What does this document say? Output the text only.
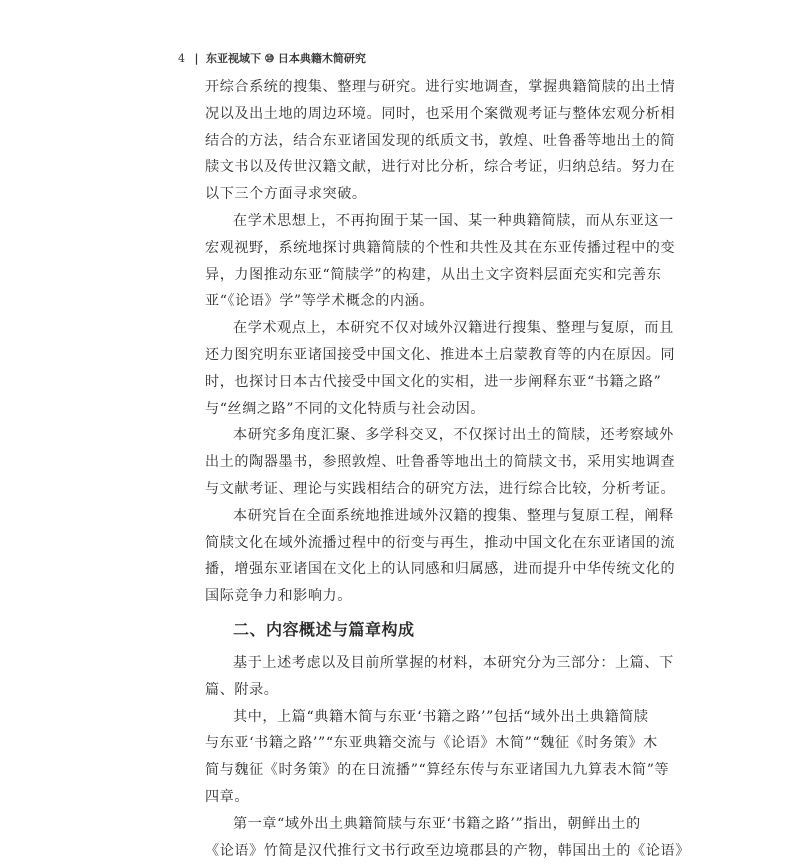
4 | 东亚视域下 ⑩ 日本典籍木简研究
开综合系统的搜集、整理与研究。进行实地调查，掌握典籍简牍的出土情
况以及出土地的周边环境。同时，也采用个案微观考证与整体宏观分析相
结合的方法，结合东亚诸国发现的纸质文书，敦煌、吐鲁番等地出土的简
牍文书以及传世汉籍文献，进行对比分析，综合考证，归纳总结。努力在
以下三个方面寻求突破。
在学术思想上，不再拘囿于某一国、某一种典籍简牍，而从东亚这一
宏观视野，系统地探讨典籍简牍的个性和共性及其在东亚传播过程中的变
异，力图推动东亚“简牍学”的构建，从出土文字资料层面充实和完善东
亚“《论语》学”等学术概念的内涵。
在学术观点上，本研究不仅对域外汉籍进行搜集、整理与复原，而且
还力图究明东亚诸国接受中国文化、推进本土启蒙教育等的内在原因。同
时，也探讨日本古代接受中国文化的实相，进一步阐释东亚“书籍之路”
与“丝绸之路”不同的文化特质与社会动因。
本研究多角度汇聚、多学科交叉，不仅探讨出土的简牍，还考察域外
出土的陶器墨书，参照敦煌、吐鲁番等地出土的简牍文书，采用实地调查
与文献考证、理论与实践相结合的研究方法，进行综合比较，分析考证。
本研究旨在全面系统地推进域外汉籍的搜集、整理与复原工程，阐释
简牍文化在域外流播过程中的衍变与再生，推动中国文化在东亚诸国的流
播，增强东亚诸国在文化上的认同感和归属感，进而提升中华传统文化的
国际竞争力和影响力。
二、内容概述与篇章构成
基于上述考虑以及目前所掌握的材料，本研究分为三部分：上篇、下
篇、附录。
其中，上篇“典籍木简与东亚‘书籍之路’”包括“域外出土典籍简牍
与东亚‘书籍之路’”“东亚典籍交流与《论语》木简”“魏征《时务策》木
简与魏征《时务策》的在日流播”“算经东传与东亚诸国九九算表木简”等
四章。
第一章“域外出土典籍简牍与东亚‘书籍之路’”指出，朝鲜出土的
《论语》竹简是汉代推行文书行政至边境郡县的产物，韩国出土的《论语》
